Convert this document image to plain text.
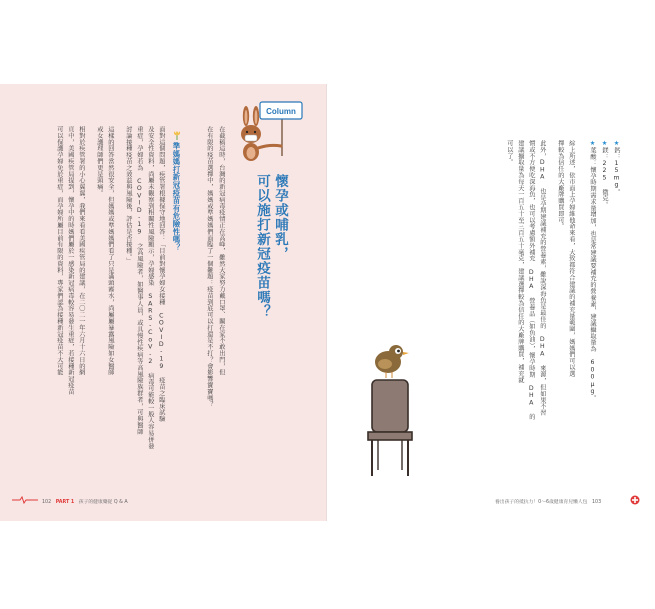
Column
懷孕或哺乳，
可以施打新冠疫苗嗎？
在截稿這時，台灣的新冠病毒疫情正在高峰，雖然大家努力戴口罩、關在家不敢出門，但
在有限的疫苗選擇中，媽媽或準媽媽們面臨了一個難題：疫苗到底可以打還是不打？會影響寶寶嗎？
準媽媽打新冠疫苗有危險性嗎？
面對這個問題，疾管署根據保守地回答：「目前對懷孕婦女接種 COVID-19 疫苗之臨床試驗
及安全性資料，尚屬未觀察到相關性風險顯示，孕婦感染 SARS-CoV-2 病毒可能較一般人容易併發
重症，孕婦若為 COVID-19 之高風險者，如醫事人員，或具慢性疾病等高風險族群者，可與醫師
討論接種疫苗之效益與風險後，評估是否接種。」
這樣的回答當然很安全，但媽媽或準媽媽們看了只是滿頭霧水，尚屬屬暴露風險如女醫師
或女護理師們更是頭痛。
相對於疾管署的小心翼翼，我們來看看美國疾管局的建議，在二〇二一年六月十六日的網
頁中，美國疾管局提到，懷孕中的時媽們屬於一感染新冠病毒較容易發生重症，若接種新冠疫苗
可以保護孕婦免於重症，而孕婦所屬目前有限的資料，專家們認為接種新冠疫苗不大可能
102 PART 1 孩子的健康藥從 Q & A
★鈣：15mg。
★鎂：225 微克。
★葉酸：懷孕時期需求量增加，也是常建議要補充的營養素，建議攝取量為 600μg。
綜上所述，依市面上孕婦維他命來看，大致都符合建議的補充量範圍，媽媽們可以選
擇較為信任的大廠牌購買即可。
此外，DHA 也是孕期建議補充的營養素，雖說深海魚是最佳的 DHA 來源，但如果不習
慣或不方便吃深海魚，也可以考慮額外補充 DHA 營養品（如魚油），懷孕時期 DHA 的
建議攝取量為每天一百五十至三百五十毫克，建議選擇較為信任的大廠牌購買，補充就
可以了。
養出孩子的抵抗力！0～6歲健康育兒懶人包 103
